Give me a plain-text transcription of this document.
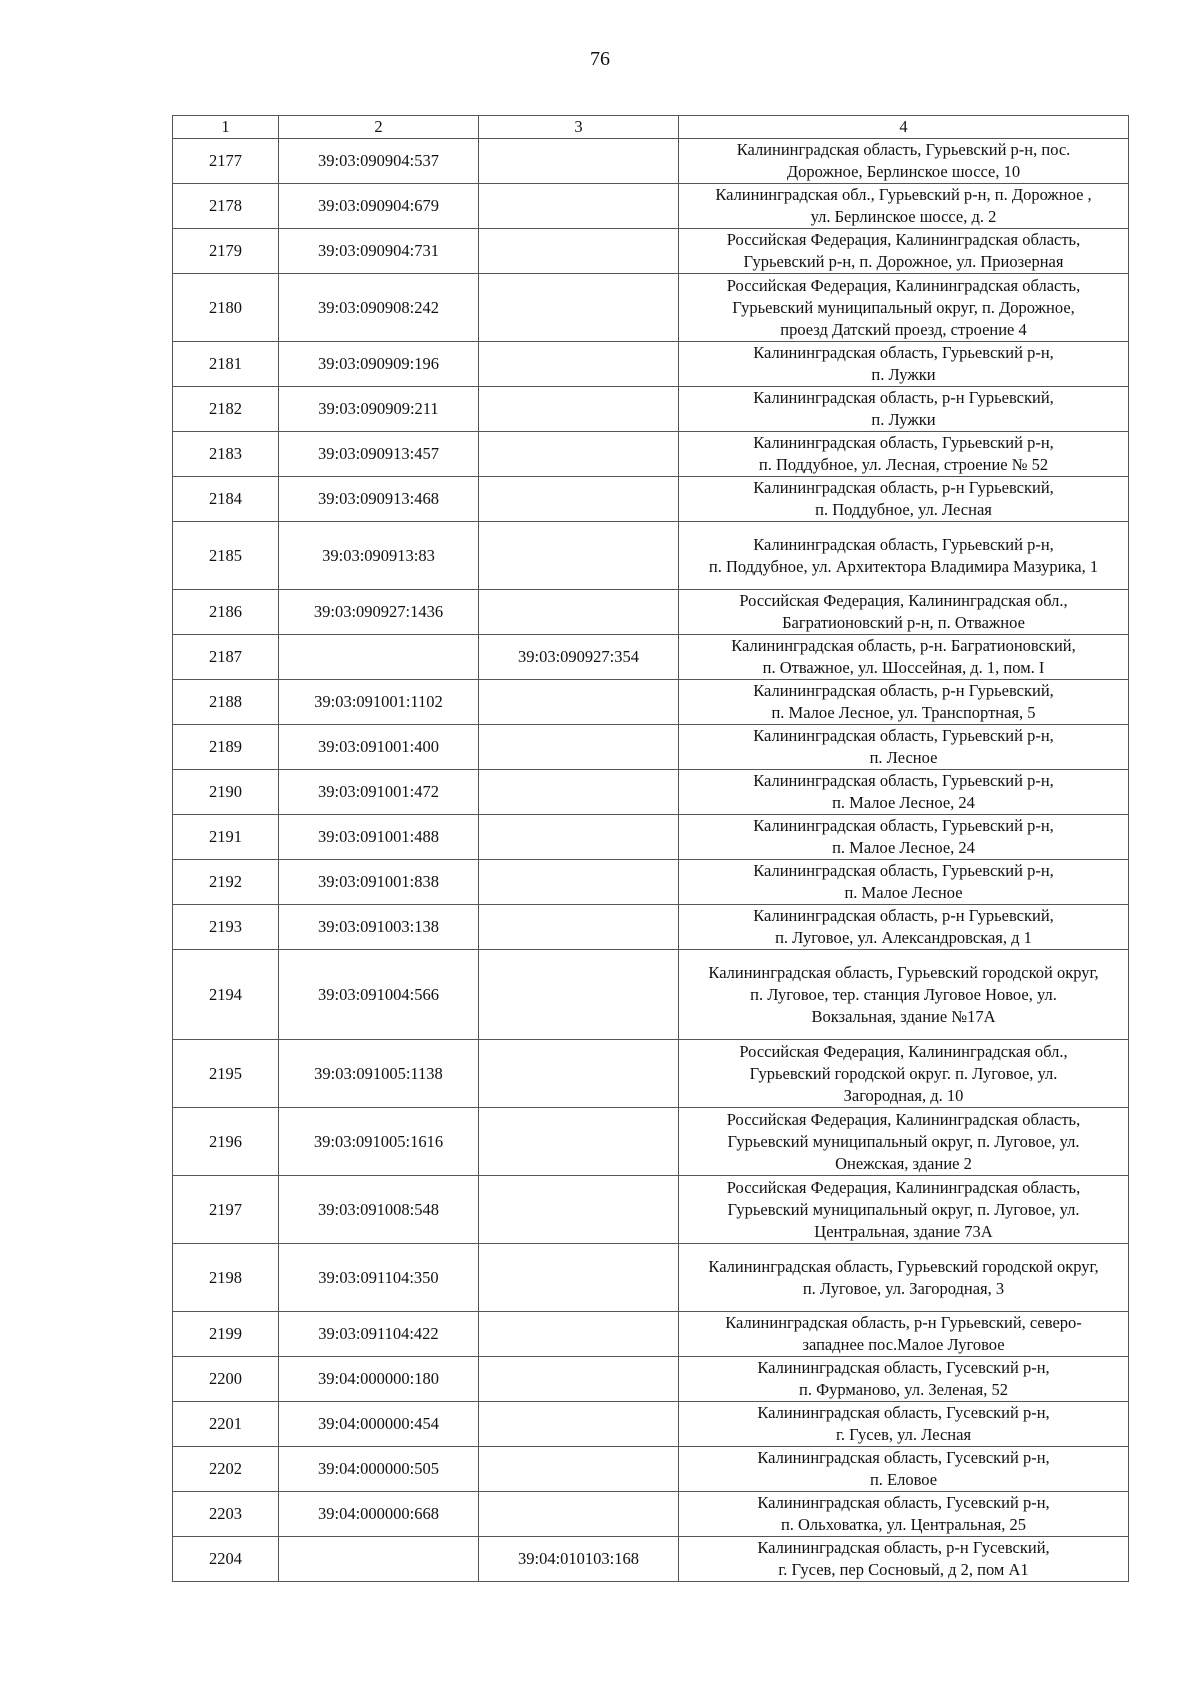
76
1	2	3	4
2177	39:03:090904:537		Калининградская область, Гурьевский р-н, пос.
Дорожное, Берлинское шоссе, 10

2178	39:03:090904:679		Калининградская обл., Гурьевский р-н, п. Дорожное ,
ул. Берлинское шоссе, д. 2

2179	39:03:090904:731		Российская Федерация, Калининградская область,
Гурьевский р-н, п. Дорожное, ул. Приозерная

2180	39:03:090908:242		Российская Федерация, Калининградская область,
Гурьевский муниципальный округ, п. Дорожное,
проезд Датский проезд, строение 4

2181	39:03:090909:196		Калининградская область, Гурьевский р-н,
п. Лужки

2182	39:03:090909:211		Калининградская область, р-н Гурьевский,
п. Лужки

2183	39:03:090913:457		Калининградская область, Гурьевский р-н,
п. Поддубное, ул. Лесная, строение № 52

2184	39:03:090913:468		Калининградская область, р-н Гурьевский,
п. Поддубное, ул. Лесная

2185	39:03:090913:83		Калининградская область, Гурьевский р-н,
п. Поддубное, ул. Архитектора Владимира Мазурика, 1

2186	39:03:090927:1436		Российская Федерация, Калининградская обл.,
Багратионовский р-н, п. Отважное

2187		39:03:090927:354	Калининградская область, р-н. Багратионовский,
п. Отважное, ул. Шоссейная, д. 1, пом. I

2188	39:03:091001:1102		Калининградская область, р-н Гурьевский,
п. Малое Лесное, ул. Транспортная, 5

2189	39:03:091001:400		Калининградская область, Гурьевский р-н,
п. Лесное

2190	39:03:091001:472		Калининградская область, Гурьевский р-н,
п. Малое Лесное, 24

2191	39:03:091001:488		Калининградская область, Гурьевский р-н,
п. Малое Лесное, 24

2192	39:03:091001:838		Калининградская область, Гурьевский р-н,
п. Малое Лесное

2193	39:03:091003:138		Калининградская область, р-н Гурьевский,
п. Луговое, ул. Александровская, д 1

2194	39:03:091004:566		Калининградская область, Гурьевский городской округ,
п. Луговое, тер. станция Луговое Новое, ул.
Вокзальная, здание №17А

2195	39:03:091005:1138		Российская Федерация, Калининградская обл.,
Гурьевский городской округ. п. Луговое, ул.
Загородная, д. 10

2196	39:03:091005:1616		Российская Федерация, Калининградская область,
Гурьевский муниципальный округ, п. Луговое, ул.
Онежская, здание 2

2197	39:03:091008:548		Российская Федерация, Калининградская область,
Гурьевский муниципальный округ, п. Луговое, ул.
Центральная, здание 73А

2198	39:03:091104:350		Калининградская область, Гурьевский городской округ,
п. Луговое, ул. Загородная, 3

2199	39:03:091104:422		Калининградская область, р-н Гурьевский, северо-
западнее пос.Малое Луговое

2200	39:04:000000:180		Калининградская область, Гусевский р-н,
п. Фурманово, ул. Зеленая, 52

2201	39:04:000000:454		Калининградская область, Гусевский р-н,
г. Гусев, ул. Лесная

2202	39:04:000000:505		Калининградская область, Гусевский р-н,
п. Еловое

2203	39:04:000000:668		Калининградская область, Гусевский р-н,
п. Ольховатка, ул. Центральная, 25

2204		39:04:010103:168	Калининградская область, р-н Гусевский,
г. Гусев, пер Сосновый, д 2, пом А1
